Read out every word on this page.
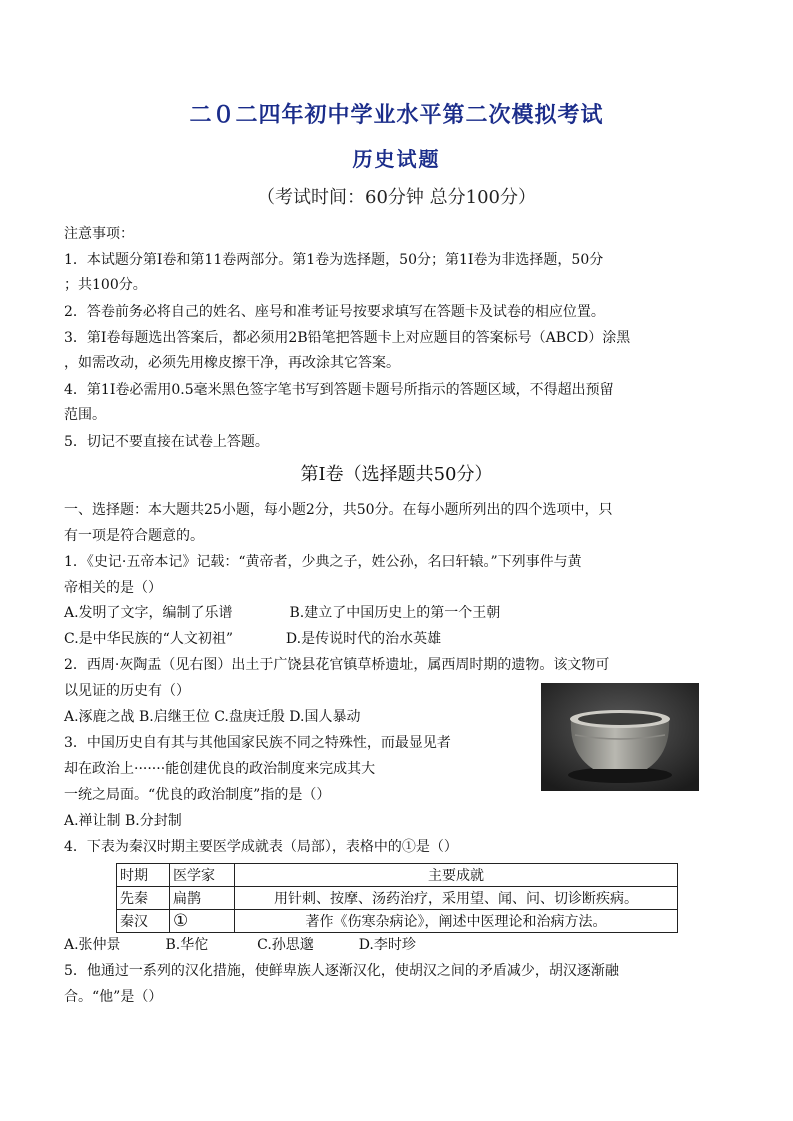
二０二四年初中学业水平第二次模拟考试
历史试题
（考试时间：60分钟 总分100分）
注意事项：
1．本试题分第Ⅰ卷和第11卷两部分。第1卷为选择题，50分；第1I卷为非选择题，50分
；共100分。
2．答卷前务必将自己的姓名、座号和准考证号按要求填写在答题卡及试卷的相应位置。
3．第Ⅰ卷每题选出答案后，都必须用2B铅笔把答题卡上对应题目的答案标号（ABCD）涂黑
，如需改动，必须先用橡皮擦干净，再改涂其它答案。
4．第1I卷必需用0.5毫米黑色签字笔书写到答题卡题号所指示的答题区域，不得超出预留
范围。
5．切记不要直接在试卷上答题。
第Ⅰ卷（选择题共50分）
一、选择题：本大题共25小题，每小题2分，共50分。在每小题所列出的四个选项中，只
有一项是符合题意的。
1．《史记·五帝本记》记载：“黄帝者，少典之子，姓公孙，名曰轩辕。”下列事件与黄
帝相关的是（）
A.发明了文字，编制了乐谱	B.建立了中国历史上的第一个王朝
C.是中华民族的“人文初祖”	D.是传说时代的治水英雄
2．西周·灰陶盂（见右图）出土于广饶县花官镇草桥遗址，属西周时期的遗物。该文物可
以见证的历史有（）
A.涿鹿之战 B.启继王位 C.盘庚迁殷 D.国人暴动
3．中国历史自有其与其他国家民族不同之特殊性，而最显见者
却在政治上·······能创建优良的政治制度来完成其大
一统之局面。“优良的政治制度”指的是（）
A.禅让制 B.分封制
4．下表为秦汉时期主要医学成就表（局部），表格中的①是（）
时期	医学家	主要成就
先秦	扁鹊	用针刺、按摩、汤药治疗，采用望、闻、问、切诊断疾病。
秦汉	①	著作《伤寒杂病论》，阐述中医理论和治病方法。
A.张仲景	B.华佗	C.孙思邈	D.李时珍
5．他通过一系列的汉化措施，使鲜卑族人逐渐汉化，使胡汉之间的矛盾减少，胡汉逐渐融
合。“他”是（）
